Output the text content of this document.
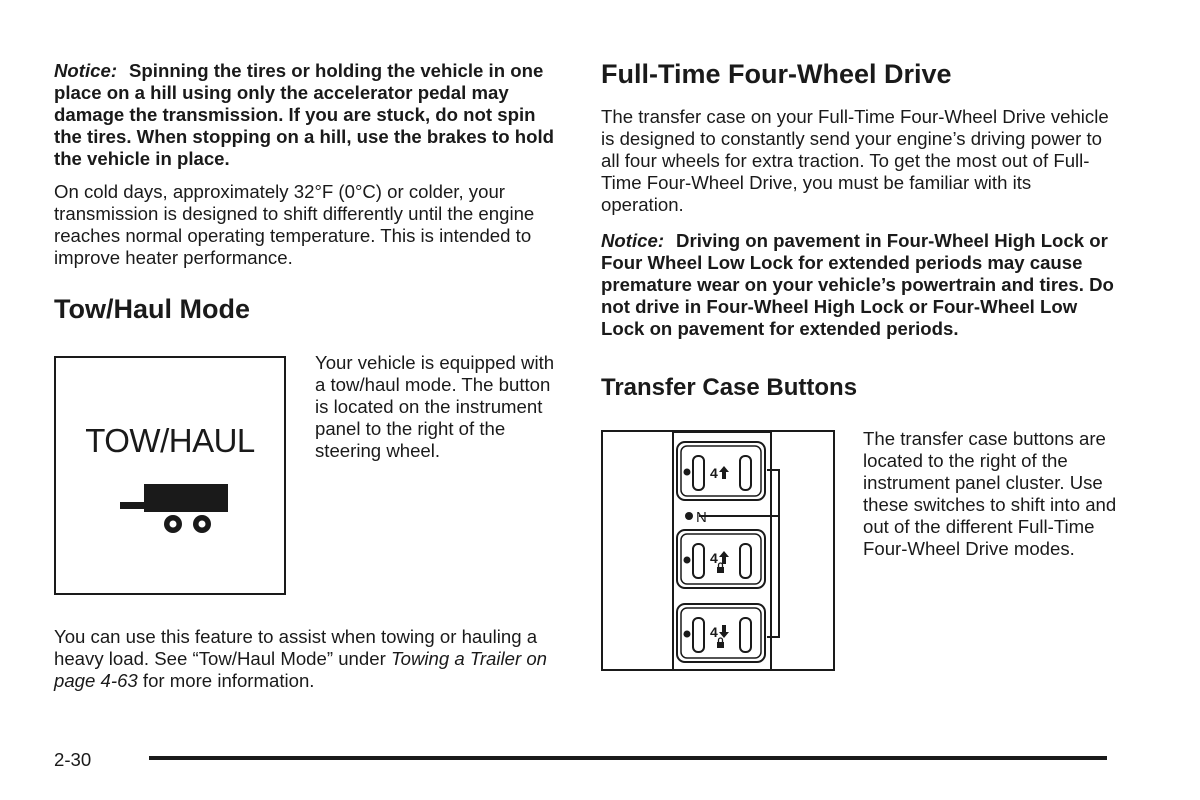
Notice: Spinning the tires or holding the vehicle in one place on a hill using only the accelerator pedal may damage the transmission. If you are stuck, do not spin the tires. When stopping on a hill, use the brakes to hold the vehicle in place.

On cold days, approximately 32°F (0°C) or colder, your transmission is designed to shift differently until the engine reaches normal operating temperature. This is intended to improve heater performance.

Tow/Haul Mode
TOW/HAUL

Your vehicle is equipped with a tow/haul mode. The button is located on the instrument panel to the right of the steering wheel.

You can use this feature to assist when towing or hauling a heavy load. See “Tow/Haul Mode” under Towing a Trailer on page 4-63 for more information.

Full-Time Four-Wheel Drive

The transfer case on your Full-Time Four-Wheel Drive vehicle is designed to constantly send your engine’s driving power to all four wheels for extra traction. To get the most out of Full-Time Four-Wheel Drive, you must be familiar with its operation.

Notice: Driving on pavement in Four-Wheel High Lock or Four Wheel Low Lock for extended periods may cause premature wear on your vehicle’s powertrain and tires. Do not drive in Four-Wheel High Lock or Four-Wheel Low Lock on pavement for extended periods.

Transfer Case Buttons
4
N
4
4

The transfer case buttons are located to the right of the instrument panel cluster. Use these switches to shift into and out of the different Full-Time Four-Wheel Drive modes.

2-30
